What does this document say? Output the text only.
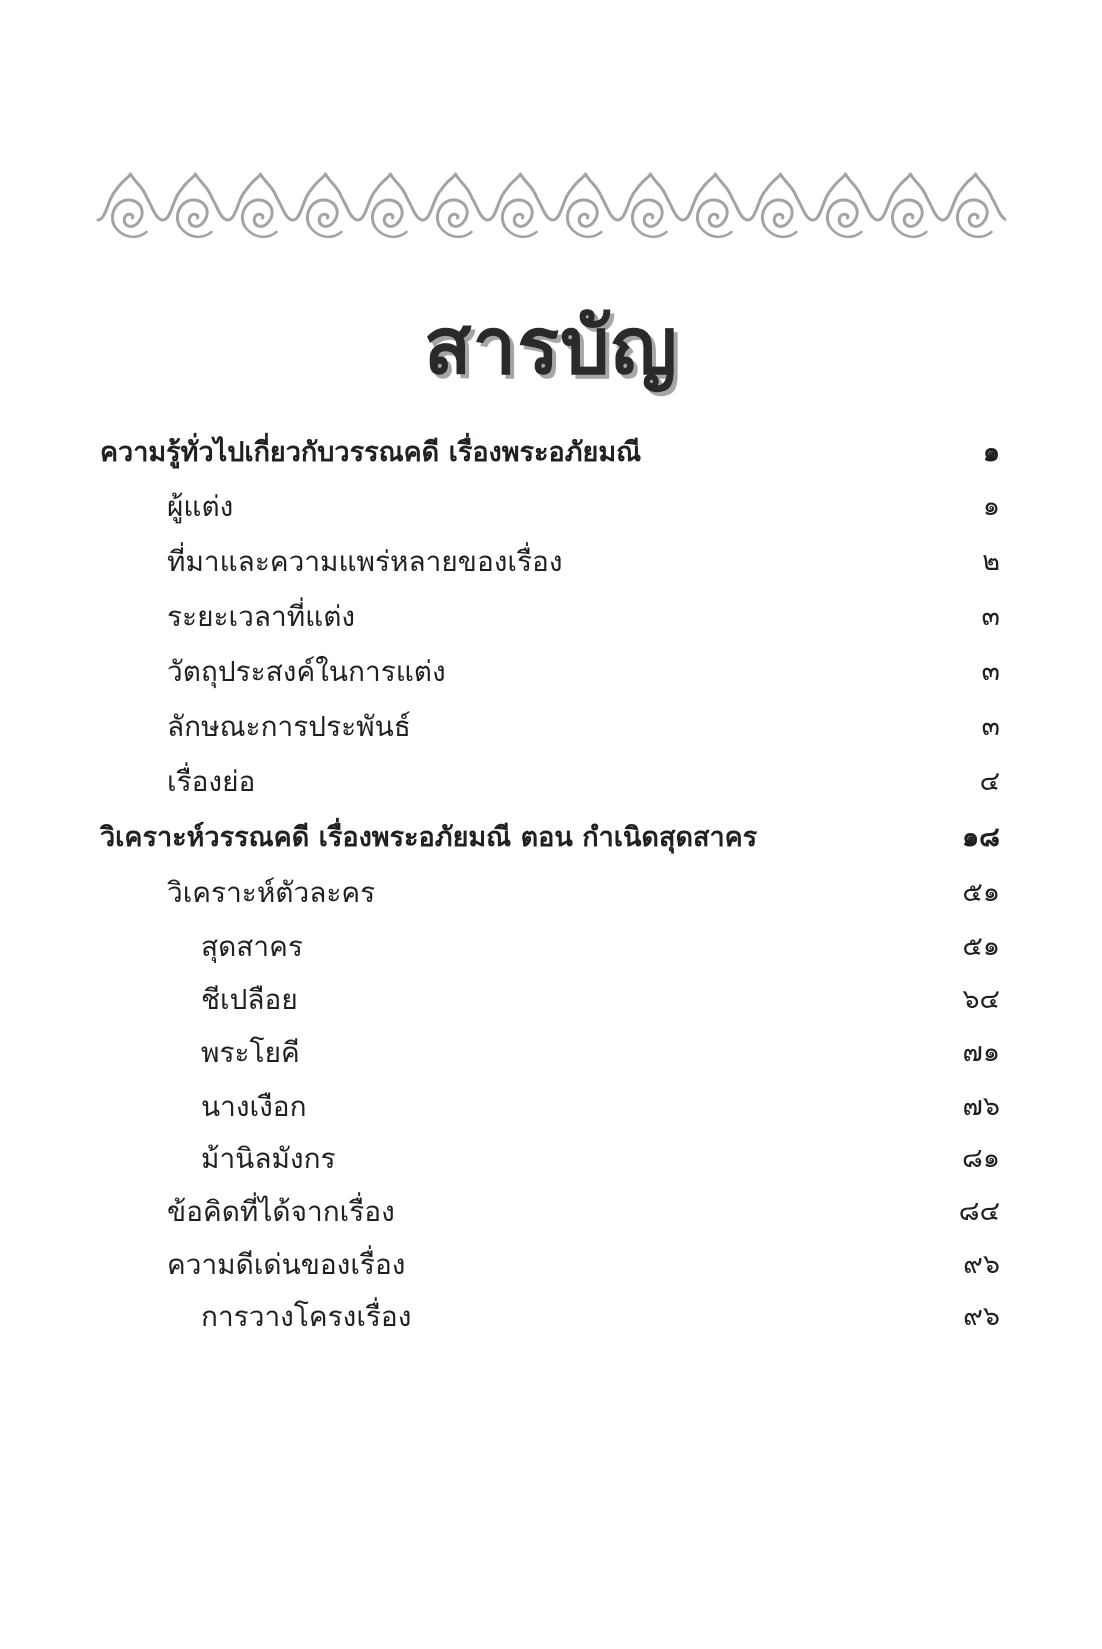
สารบัญ
ความรู้ทั่วไปเกี่ยวกับวรรณคดี เรื่องพระอภัยมณี	๑
ผู้แต่ง	๑
ที่มาและความแพร่หลายของเรื่อง	๒
ระยะเวลาที่แต่ง	๓
วัตถุประสงค์ในการแต่ง	๓
ลักษณะการประพันธ์	๓
เรื่องย่อ	๔
วิเคราะห์วรรณคดี เรื่องพระอภัยมณี ตอน กำเนิดสุดสาคร	๑๘
วิเคราะห์ตัวละคร	๕๑
สุดสาคร	๕๑
ชีเปลือย	๖๔
พระโยคี	๗๑
นางเงือก	๗๖
ม้านิลมังกร	๘๑
ข้อคิดที่ได้จากเรื่อง	๘๔
ความดีเด่นของเรื่อง	๙๖
การวางโครงเรื่อง	๙๖
